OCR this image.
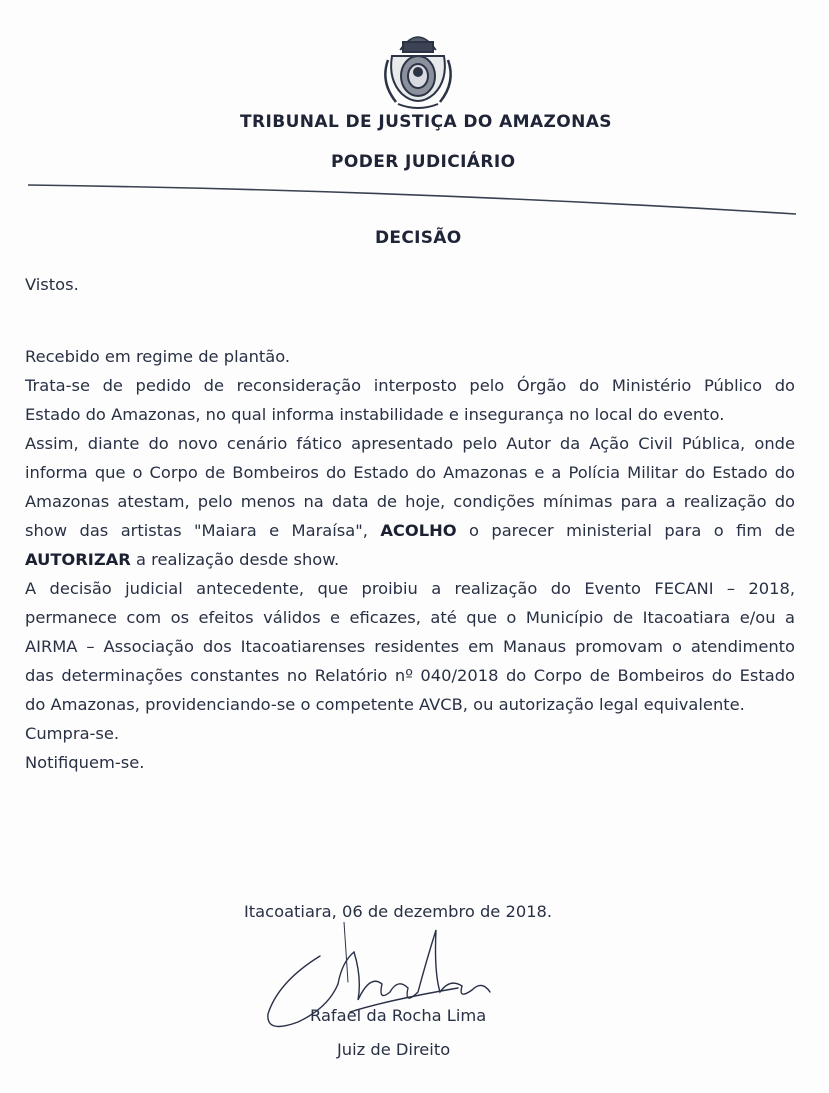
TRIBUNAL DE JUSTIÇA DO AMAZONAS
PODER JUDICIÁRIO
DECISÃO
Vistos.
Recebido em regime de plantão.
Trata-se de pedido de reconsideração interposto pelo Órgão do Ministério Público do
Estado do Amazonas, no qual informa instabilidade e insegurança no local do evento.
Assim, diante do novo cenário fático apresentado pelo Autor da Ação Civil Pública, onde
informa que o Corpo de Bombeiros do Estado do Amazonas e a Polícia Militar do Estado do
Amazonas atestam, pelo menos na data de hoje, condições mínimas para a realização do
show das artistas "Maiara e Maraísa", ACOLHO o parecer ministerial para o fim de
AUTORIZAR a realização desde show.
A decisão judicial antecedente, que proibiu a realização do Evento FECANI – 2018,
permanece com os efeitos válidos e eficazes, até que o Município de Itacoatiara e/ou a
AIRMA – Associação dos Itacoatiarenses residentes em Manaus promovam o atendimento
das determinações constantes no Relatório nº 040/2018 do Corpo de Bombeiros do Estado
do Amazonas, providenciando-se o competente AVCB, ou autorização legal equivalente.
Cumpra-se.
Notifiquem-se.
Itacoatiara, 06 de dezembro de 2018.
Rafael da Rocha Lima
Juiz de Direito
